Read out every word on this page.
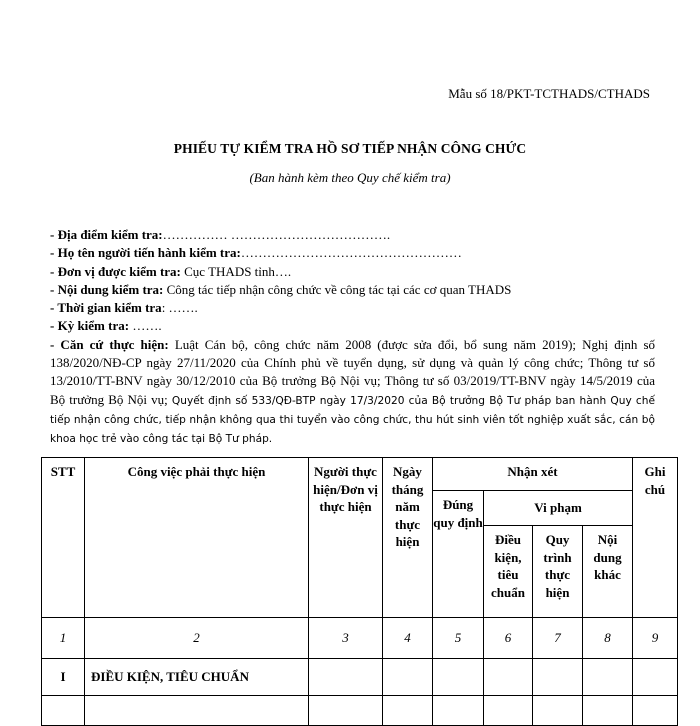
Mẫu số 18/PKT-TCTHADS/CTHADS
PHIẾU TỰ KIỂM TRA HỒ SƠ TIẾP NHẬN CÔNG CHỨC
(Ban hành kèm theo Quy chế kiểm tra)
- Địa điểm kiểm tra:…………… ……………………………….
- Họ tên người tiến hành kiểm tra:……………………………………………
- Đơn vị được kiểm tra: Cục THADS tỉnh….
- Nội dung kiểm tra: Công tác tiếp nhận công chức về công tác tại các cơ quan THADS
- Thời gian kiểm tra: …….
- Kỳ kiểm tra: …….
- Căn cứ thực hiện: Luật Cán bộ, công chức năm 2008 (được sửa đổi, bổ sung năm 2019); Nghị định số 138/2020/NĐ-CP ngày 27/11/2020 của Chính phủ về tuyển dụng, sử dụng và quản lý công chức; Thông tư số 13/2010/TT-BNV ngày 30/12/2010 của Bộ trưởng Bộ Nội vụ; Thông tư số 03/2019/TT-BNV ngày 14/5/2019 của Bộ trưởng Bộ Nội vụ; Quyết định số 533/QĐ-BTP ngày 17/3/2020 của Bộ trưởng Bộ Tư pháp ban hành Quy chế tiếp nhận công chức, tiếp nhận không qua thi tuyển vào công chức, thu hút sinh viên tốt nghiệp xuất sắc, cán bộ khoa học trẻ vào công tác tại Bộ Tư pháp.
STT	Công việc phải thực hiện	Người thực hiện/Đơn vị thực hiện	Ngày tháng năm thực hiện	Nhận xét				Ghi chú
				Đúng quy định	Vi phạm			
					Điều kiện, tiêu chuẩn	Quy trình thực hiện	Nội dung khác	
1	2	3	4	5	6	7	8	9
I	ĐIỀU KIỆN, TIÊU CHUẨN							
